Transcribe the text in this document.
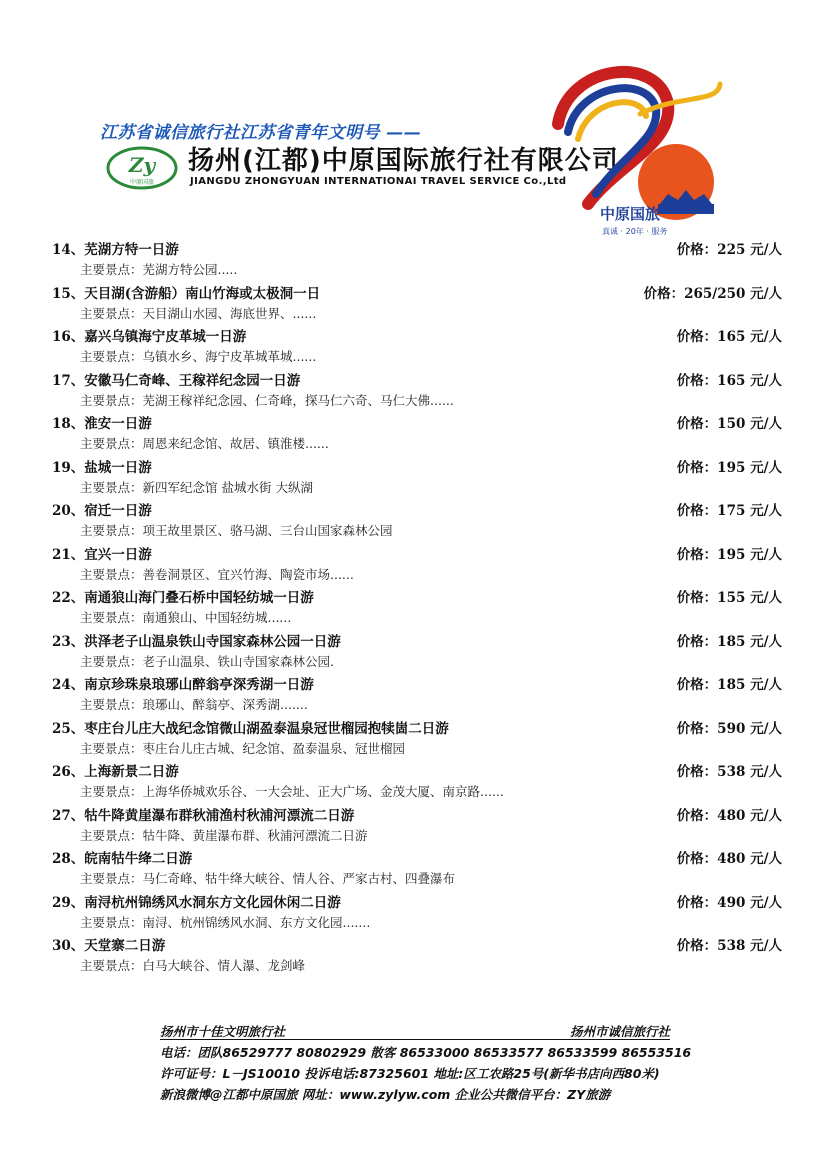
江苏省诚信旅行社江苏省青年文明号 ——
Zy
中原国旅
扬州(江都)中原国际旅行社有限公司
JIANGDU ZHONGYUAN INTERNATIONAI TRAVEL SERVICE Co.,Ltd
中原国旅
真诚 · 20年 · 服务
14、芜湖方特一日游	价格：225 元/人
主要景点：芜湖方特公园.....
15、天目湖(含游船）南山竹海或太极洞一日	价格：265/250 元/人
主要景点：天目湖山水园、海底世界、......
16、嘉兴乌镇海宁皮革城一日游	价格：165 元/人
主要景点：乌镇水乡、海宁皮革城革城......
17、安徽马仁奇峰、王稼祥纪念园一日游	价格：165 元/人
主要景点：芜湖王稼祥纪念园、仁奇峰，探马仁六奇、马仁大佛......
18、淮安一日游	价格：150 元/人
主要景点：周恩来纪念馆、故居、镇淮楼......
19、盐城一日游	价格：195 元/人
主要景点：新四军纪念馆 盐城水街 大纵湖
20、宿迁一日游	价格：175 元/人
主要景点：项王故里景区、骆马湖、三台山国家森林公园
21、宜兴一日游	价格：195 元/人
主要景点：善卷洞景区、宜兴竹海、陶瓷市场......
22、南通狼山海门叠石桥中国轻纺城一日游	价格：155 元/人
主要景点：南通狼山、中国轻纺城......
23、洪泽老子山温泉铁山寺国家森林公园一日游	价格：185 元/人
主要景点：老子山温泉、铁山寺国家森林公园.
24、南京珍珠泉琅琊山醉翁亭深秀湖一日游	价格：185 元/人
主要景点：琅琊山、醉翁亭、深秀湖.......
25、枣庄台儿庄大战纪念馆微山湖盈泰温泉冠世榴园抱犊崮二日游	价格：590 元/人
主要景点：枣庄台儿庄古城、纪念馆、盈泰温泉、冠世榴园
26、上海新景二日游	价格：538 元/人
主要景点：上海华侨城欢乐谷、一大会址、正大广场、金茂大厦、南京路......
27、牯牛降黄崖瀑布群秋浦渔村秋浦河漂流二日游	价格：480 元/人
主要景点：牯牛降、黄崖瀑布群、秋浦河漂流二日游
28、皖南牯牛绛二日游	价格：480 元/人
主要景点：马仁奇峰、牯牛绛大峡谷、情人谷、严家古村、四叠瀑布
29、南浔杭州锦绣风水洞东方文化园休闲二日游	价格：490 元/人
主要景点：南浔、杭州锦绣风水洞、东方文化园.......
30、天堂寨二日游	价格：538 元/人
主要景点：白马大峡谷、情人瀑、龙剑峰
扬州市十佳文明旅行社	扬州市诚信旅行社
电话：团队86529777 80802929 散客 86533000 86533577 86533599 86553516
许可证号：L－JS10010 投诉电话:87325601 地址:区工农路25号(新华书店向西80米)
新浪微博@江都中原国旅 网址：www.zylyw.com 企业公共微信平台：ZY旅游
